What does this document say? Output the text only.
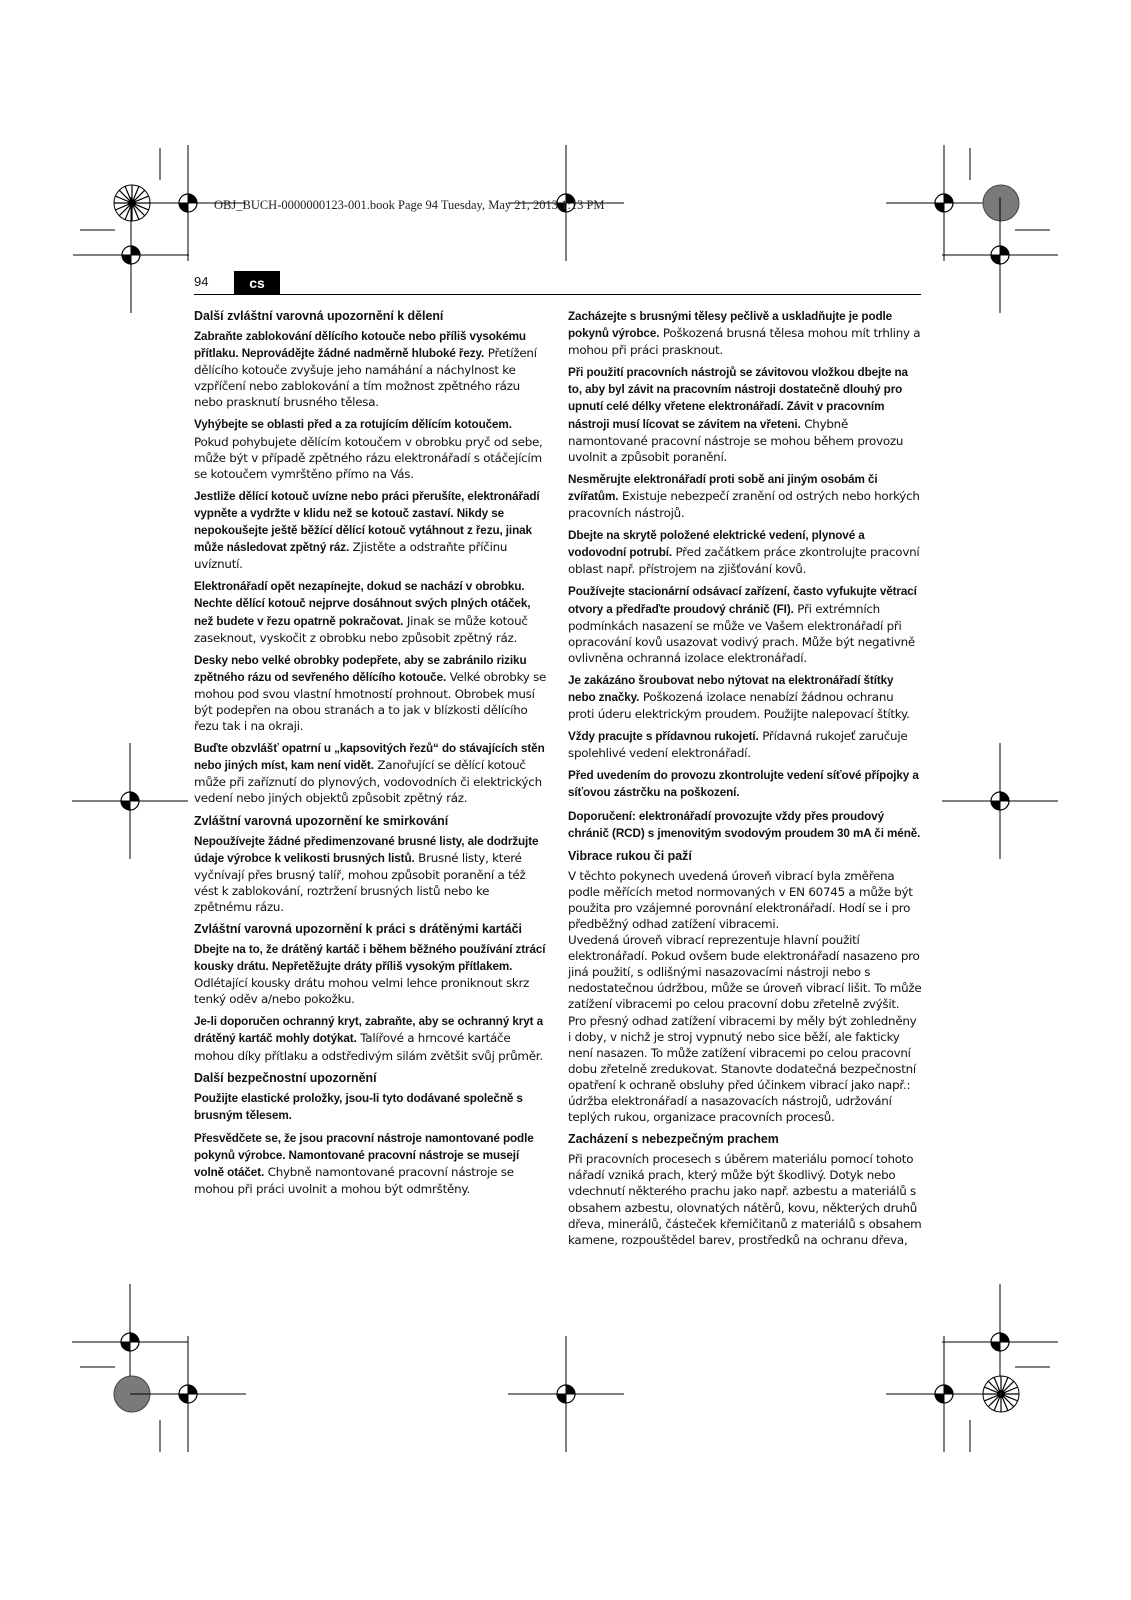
OBJ_BUCH-0000000123-001.book Page 94 Tuesday, May 21, 2013 1:13 PM
94	cs
Další zvláštní varovná upozornění k dělení

Zabraňte zablokování dělícího kotouče nebo příliš vysokému přítlaku. Neprovádějte žádné nadměrně hluboké řezy. Přetížení dělícího kotouče zvyšuje jeho namáhání a náchylnost ke vzpříčení nebo zablokování a tím možnost zpětného rázu nebo prasknutí brusného tělesa.

Vyhýbejte se oblasti před a za rotujícím dělícím kotoučem. Pokud pohybujete dělícím kotoučem v obrobku pryč od sebe, může být v případě zpětného rázu elektronářadí s otáčejícím se kotoučem vymrštěno přímo na Vás.

Jestliže dělící kotouč uvízne nebo práci přerušíte, elektronářadí vypněte a vydržte v klidu než se kotouč zastaví. Nikdy se nepokoušejte ještě běžící dělící kotouč vytáhnout z řezu, jinak může následovat zpětný ráz. Zjistěte a odstraňte příčinu uvíznutí.

Elektronářadí opět nezapínejte, dokud se nachází v obrobku. Nechte dělící kotouč nejprve dosáhnout svých plných otáček, než budete v řezu opatrně pokračovat. Jinak se může kotouč zaseknout, vyskočit z obrobku nebo způsobit zpětný ráz.

Desky nebo velké obrobky podepřete, aby se zabránilo riziku zpětného rázu od sevřeného dělícího kotouče. Velké obrobky se mohou pod svou vlastní hmotností prohnout. Obrobek musí být podepřen na obou stranách a to jak v blízkosti dělícího řezu tak i na okraji.

Buďte obzvlášť opatrní u „kapsovitých řezů“ do stávajících stěn nebo jiných míst, kam není vidět. Zanořující se dělící kotouč může při zaříznutí do plynových, vodovodních či elektrických vedení nebo jiných objektů způsobit zpětný ráz.

Zvláštní varovná upozornění ke smirkování

Nepoužívejte žádné předimenzované brusné listy, ale dodržujte údaje výrobce k velikosti brusných listů. Brusné listy, které vyčnívají přes brusný talíř, mohou způsobit poranění a též vést k zablokování, roztržení brusných listů nebo ke zpětnému rázu.

Zvláštní varovná upozornění k práci s drátěnými kartáči

Dbejte na to, že drátěný kartáč i během běžného používání ztrácí kousky drátu. Nepřetěžujte dráty příliš vysokým přítlakem. Odlétající kousky drátu mohou velmi lehce proniknout skrz tenký oděv a/nebo pokožku.

Je-li doporučen ochranný kryt, zabraňte, aby se ochranný kryt a drátěný kartáč mohly dotýkat. Talířové a hrncové kartáče mohou díky přítlaku a odstředivým silám zvětšit svůj průměr.

Další bezpečnostní upozornění

Použijte elastické proložky, jsou-li tyto dodávané společně s brusným tělesem.

Přesvědčete se, že jsou pracovní nástroje namontované podle pokynů výrobce. Namontované pracovní nástroje se musejí volně otáčet. Chybně namontované pracovní nástroje se mohou při práci uvolnit a mohou být odmrštěny.

Zacházejte s brusnými tělesy pečlivě a uskladňujte je podle pokynů výrobce. Poškozená brusná tělesa mohou mít trhliny a mohou při práci prasknout.

Při použití pracovních nástrojů se závitovou vložkou dbejte na to, aby byl závit na pracovním nástroji dostatečně dlouhý pro upnutí celé délky vřetene elektronářadí. Závit v pracovním nástroji musí lícovat se závitem na vřeteni. Chybně namontované pracovní nástroje se mohou během provozu uvolnit a způsobit poranění.

Nesměrujte elektronářadí proti sobě ani jiným osobám či zvířatům. Existuje nebezpečí zranění od ostrých nebo horkých pracovních nástrojů.

Dbejte na skrytě položené elektrické vedení, plynové a vodovodní potrubí. Před začátkem práce zkontrolujte pracovní oblast např. přístrojem na zjišťování kovů.

Používejte stacionární odsávací zařízení, často vyfukujte větrací otvory a předřaďte proudový chránič (FI). Při extrémních podmínkách nasazení se může ve Vašem elektronářadí při opracování kovů usazovat vodivý prach. Může být negativně ovlivněna ochranná izolace elektronářadí.

Je zakázáno šroubovat nebo nýtovat na elektronářadí štítky nebo značky. Poškozená izolace nenabízí žádnou ochranu proti úderu elektrickým proudem. Použijte nalepovací štítky.

Vždy pracujte s přídavnou rukojetí. Přídavná rukojeť zaručuje spolehlivé vedení elektronářadí.

Před uvedením do provozu zkontrolujte vedení síťové přípojky a síťovou zástrčku na poškození.

Doporučení: elektronářadí provozujte vždy přes proudový chránič (RCD) s jmenovitým svodovým proudem 30 mA či méně.

Vibrace rukou či paží

V těchto pokynech uvedená úroveň vibrací byla změřena podle měřících metod normovaných v EN 60745 a může být použita pro vzájemné porovnání elektronářadí. Hodí se i pro předběžný odhad zatížení vibracemi.

Uvedená úroveň vibrací reprezentuje hlavní použití elektronářadí. Pokud ovšem bude elektronářadí nasazeno pro jiná použití, s odlišnými nasazovacími nástroji nebo s nedostatečnou údržbou, může se úroveň vibrací lišit. To může zatížení vibracemi po celou pracovní dobu zřetelně zvýšit.

Pro přesný odhad zatížení vibracemi by měly být zohledněny i doby, v nichž je stroj vypnutý nebo sice běží, ale fakticky není nasazen. To může zatížení vibracemi po celou pracovní dobu zřetelně zredukovat. Stanovte dodatečná bezpečnostní opatření k ochraně obsluhy před účinkem vibrací jako např.: údržba elektronářadí a nasazovacích nástrojů, udržování teplých rukou, organizace pracovních procesů.

Zacházení s nebezpečným prachem

Při pracovních procesech s úběrem materiálu pomocí tohoto nářadí vzniká prach, který může být škodlivý. Dotyk nebo vdechnutí některého prachu jako např. azbestu a materiálů s obsahem azbestu, olovnatých nátěrů, kovu, některých druhů dřeva, minerálů, částeček křemičitanů z materiálů s obsahem kamene, rozpouštědel barev, prostředků na ochranu dřeva,
